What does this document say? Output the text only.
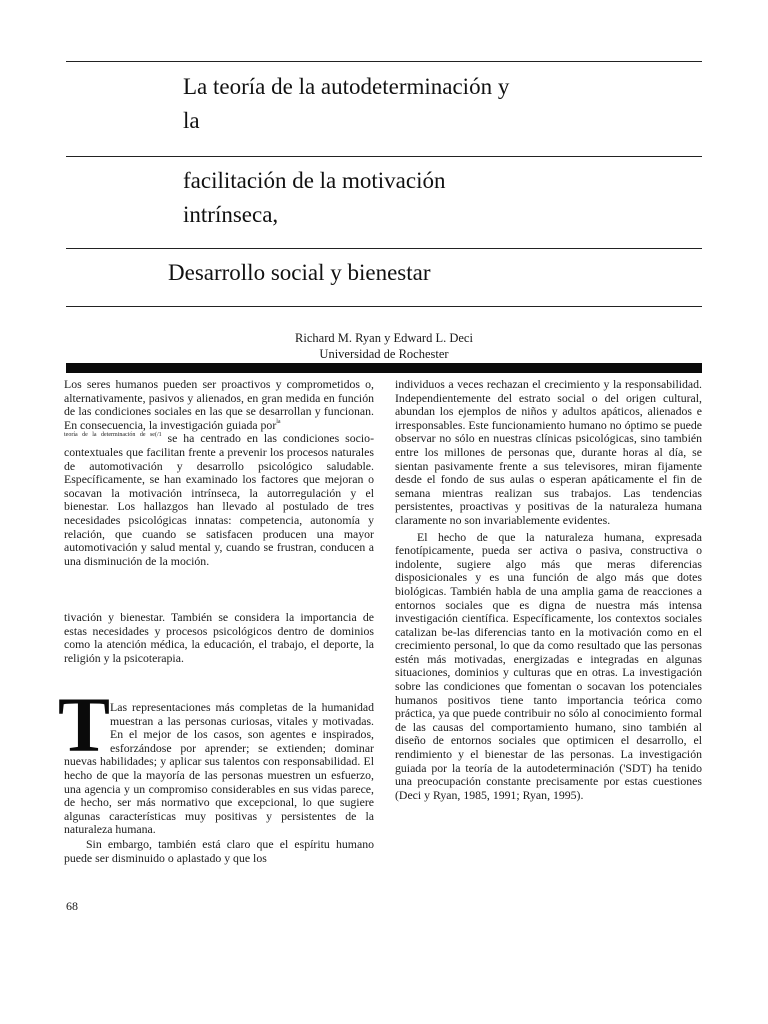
La teoría de la autodeterminación y
la
facilitación de la motivación
intrínseca,
Desarrollo social y bienestar
Richard M. Ryan y Edward L. Deci
Universidad de Rochester

Los seres humanos pueden ser proactivos y comprometidos o, alternativamente, pasivos y alienados, en gran medida en función de las condiciones sociales en las que se desarrollan y funcionan. En consecuencia, la investigación guiada por$^{la}$
$^{teoría de la determinación de se(/1}$ se ha centrado en las condiciones socio-contextuales que facilitan frente a prevenir los procesos naturales de automotivación y desarrollo psicológico saludable. Específicamente, se han examinado los factores que mejoran o socavan la motivación intrínseca, la autorregulación y el bienestar. Los hallazgos han llevado al postulado de tres necesidades psicológicas innatas: competencia, autonomía y relación, que cuando se satisfacen producen una mayor automotivación y salud mental y, cuando se frustran, conducen a una disminución de la moción.

tivación y bienestar. También se considera la importancia de estas necesidades y procesos psicológicos dentro de dominios como la atención médica, la educación, el trabajo, el deporte, la religión y la psicoterapia.

T Las representaciones más completas de la humanidad muestran a las personas curiosas, vitales y motivadas. En el mejor de los casos, son agentes e inspirados, esforzándose por aprender; se extienden; dominar nuevas habilidades; y aplicar sus talentos con responsabilidad. El hecho de que la mayoría de las personas muestren un esfuerzo, una agencia y un compromiso considerables en sus vidas parece, de hecho, ser más normativo que excepcional, lo que sugiere algunas características muy positivas y persistentes de la naturaleza humana.

Sin embargo, también está claro que el espíritu humano puede ser disminuido o aplastado y que los

individuos a veces rechazan el crecimiento y la responsabilidad. Independientemente del estrato social o del origen cultural, abundan los ejemplos de niños y adultos apáticos, alienados e irresponsables. Este funcionamiento humano no óptimo se puede observar no sólo en nuestras clínicas psicológicas, sino también entre los millones de personas que, durante horas al día, se sientan pasivamente frente a sus televisores, miran fijamente desde el fondo de sus aulas o esperan apáticamente el fin de semana mientras realizan sus trabajos. Las tendencias persistentes, proactivas y positivas de la naturaleza humana claramente no son invariablemente evidentes.

El hecho de que la naturaleza humana, expresada fenotípicamente, pueda ser activa o pasiva, constructiva o indolente, sugiere algo más que meras diferencias disposicionales y es una función de algo más que dotes biológicas. También habla de una amplia gama de reacciones a entornos sociales que es digna de nuestra más intensa investigación científica. Específicamente, los contextos sociales catalizan be-las diferencias tanto en la motivación como en el crecimiento personal, lo que da como resultado que las personas estén más motivadas, energizadas e integradas en algunas situaciones, dominios y culturas que en otras. La investigación sobre las condiciones que fomentan o socavan los potenciales humanos positivos tiene tanto importancia teórica como práctica, ya que puede contribuir no sólo al conocimiento formal de las causas del comportamiento humano, sino también al diseño de entornos sociales que optimicen el desarrollo, el rendimiento y el bienestar de las personas. La investigación guiada por la teoría de la autodeterminación ('SDT) ha tenido una preocupación constante precisamente por estas cuestiones (Deci y Ryan, 1985, 1991; Ryan, 1995).

68
